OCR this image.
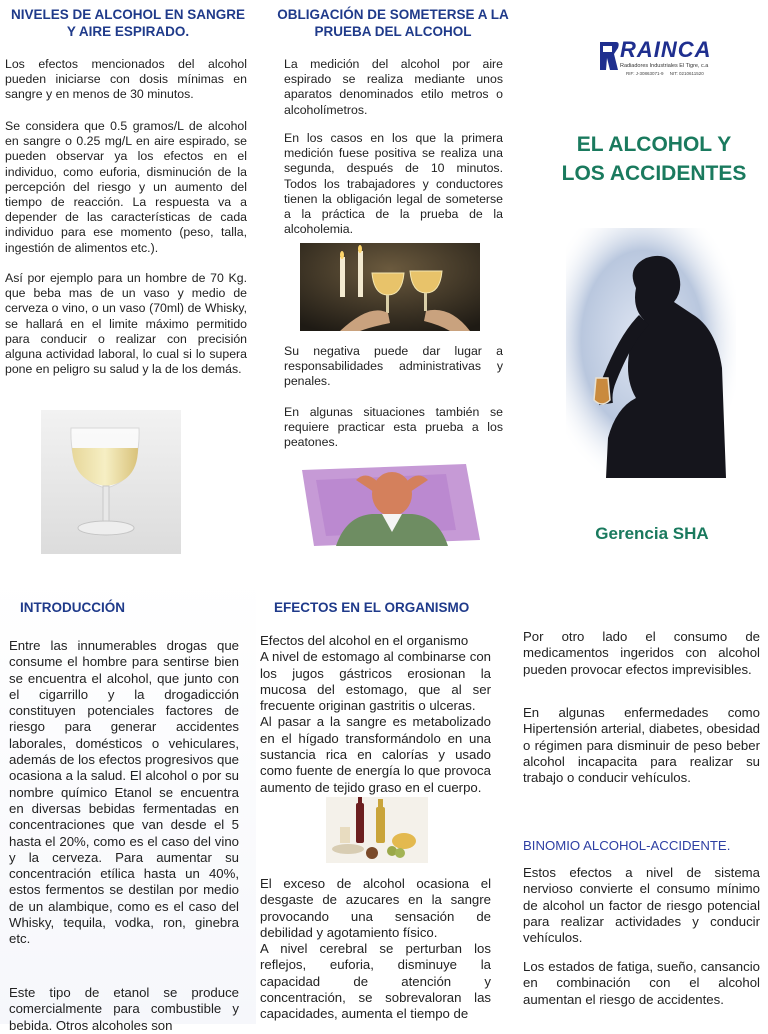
NIVELES DE ALCOHOL EN SANGRE Y AIRE ESPIRADO.

Los efectos mencionados del alcohol pueden iniciarse con dosis mínimas en sangre y en menos de 30 minutos.

Se considera que 0.5 gramos/L de alcohol en sangre o 0.25 mg/L en aire espirado, se pueden observar ya los efectos en el individuo, como euforia, disminución de la percepción del riesgo y un aumento del tiempo de reacción. La respuesta va a depender de las características de cada individuo para ese momento (peso, talla, ingestión de alimentos etc.).

Así por ejemplo para un hombre de 70 Kg. que beba mas de un vaso y medio de cerveza o vino, o un vaso (70ml) de Whisky, se hallará en el limite máximo permitido para conducir o realizar con precisión alguna actividad laboral, lo cual si lo supera pone en peligro su salud y la de los demás.

OBLIGACIÓN DE SOMETERSE A LA PRUEBA DEL ALCOHOL

La medición del alcohol por aire espirado se realiza mediante unos aparatos denominados etilo metros o alcoholímetros.

En los casos en los que la primera medición fuese positiva se realiza una segunda, después de 10 minutos. Todos los trabajadores y conductores tienen la obligación legal de someterse a la práctica de la prueba de la alcoholemia.

Su negativa puede dar lugar a responsabilidades administrativas y penales.

En algunas situaciones también se requiere practicar esta prueba a los peatones.

RAINCA
Radiadores Industriales El Tigre, c.a
RIF: J-30863071-9     NIT: 0210611520
EL ALCOHOL Y
LOS ACCIDENTES
Gerencia SHA
INTRODUCCIÓN

Entre las innumerables drogas que consume el hombre para sentirse bien se encuentra el alcohol, que junto con el cigarrillo y la drogadicción constituyen potenciales factores de riesgo para generar accidentes laborales, domésticos o vehiculares, además de los efectos progresivos que ocasiona a la salud. El alcohol o por su nombre químico Etanol se encuentra en diversas bebidas fermentadas en concentraciones que van desde el 5 hasta el 20%, como es el caso del vino y la cerveza. Para aumentar su concentración etílica hasta un 40%, estos fermentos se destilan por medio de un alambique, como es el caso del Whisky, tequila, vodka, ron, ginebra etc.

Este tipo de etanol se produce comercialmente para combustible y bebida. Otros alcoholes son

EFECTOS EN EL ORGANISMO

Efectos del alcohol en el organismo

A nivel de estomago al combinarse con los jugos gástricos erosionan la mucosa del estomago, que al ser frecuente originan gastritis o ulceras.

Al pasar a la sangre es metabolizado en el hígado transformándolo en una sustancia rica en calorías y usado como fuente de energía lo que provoca aumento de tejido graso en el cuerpo.

El exceso de alcohol ocasiona el desgaste de azucares en la sangre provocando una sensación de debilidad y agotamiento físico.

A nivel cerebral se perturban los reflejos, euforia, disminuye la capacidad de atención y concentración, se sobrevaloran las capacidades, aumenta el tiempo de

Por otro lado el consumo de medicamentos ingeridos con alcohol pueden provocar efectos imprevisibles.

En algunas enfermedades como Hipertensión arterial, diabetes, obesidad o régimen para disminuir de peso beber alcohol incapacita para realizar su trabajo o conducir vehículos.

BINOMIO ALCOHOL-ACCIDENTE.

Estos efectos a nivel de sistema nervioso convierte el consumo mínimo de alcohol un factor de riesgo potencial para realizar actividades y conducir vehículos.

Los estados de fatiga, sueño, cansancio en combinación con el alcohol aumentan el riesgo de accidentes.
